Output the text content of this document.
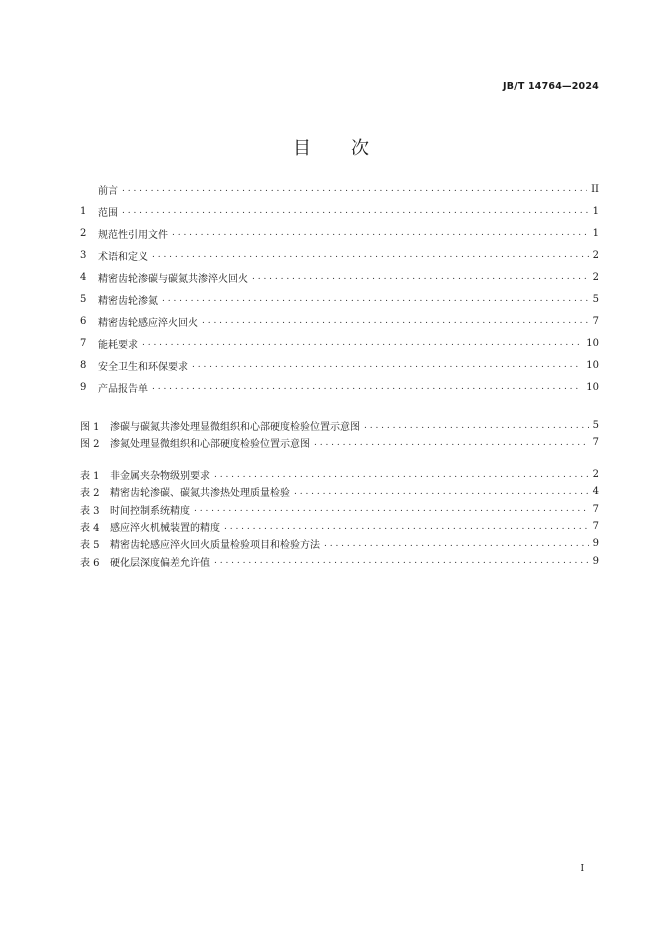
JB/T 14764—2024
目 次
前言 . . .	II
1	范围 . . .	1
2	规范性引用文件 . . .	1
3	术语和定义 . . .	2
4	精密齿轮渗碳与碳氮共渗淬火回火 . . .	2
5	精密齿轮渗氮 . . .	5
6	精密齿轮感应淬火回火 . . .	7
7	能耗要求 . . .	10
8	安全卫生和环保要求 . . .	10
9	产品报告单 . . .	10
图 1	渗碳与碳氮共渗处理显微组织和心部硬度检验位置示意图 . . .	5
图 2	渗氮处理显微组织和心部硬度检验位置示意图 . . .	7
表 1	非金属夹杂物级别要求 . . .	2
表 2	精密齿轮渗碳、碳氮共渗热处理质量检验 . . .	4
表 3	时间控制系统精度 . . .	7
表 4	感应淬火机械装置的精度 . . .	7
表 5	精密齿轮感应淬火回火质量检验项目和检验方法 . . .	9
表 6	硬化层深度偏差允许值 . . .	9
I
